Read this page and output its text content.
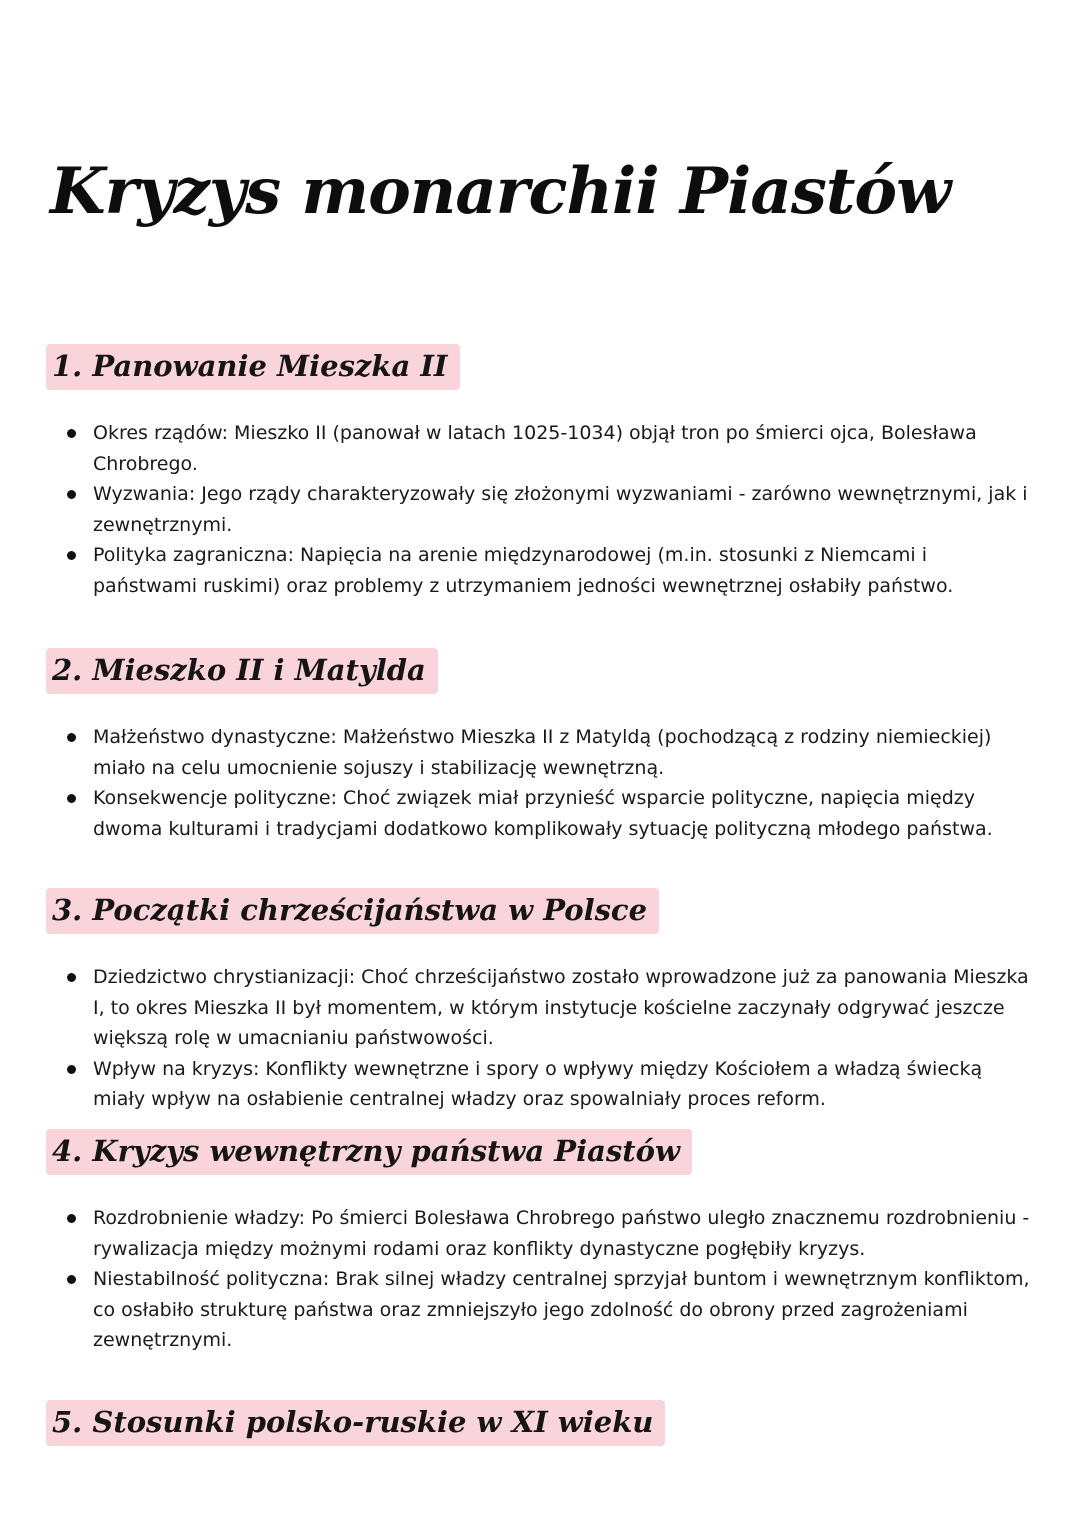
Kryzys monarchii Piastów
1. Panowanie Mieszka II
Okres rządów: Mieszko II (panował w latach 1025-1034) objął tron po śmierci ojca, Bolesława Chrobrego.
Wyzwania: Jego rządy charakteryzowały się złożonymi wyzwaniami - zarówno wewnętrznymi, jak i zewnętrznymi.
Polityka zagraniczna: Napięcia na arenie międzynarodowej (m.in. stosunki z Niemcami i państwami ruskimi) oraz problemy z utrzymaniem jedności wewnętrznej osłabiły państwo.
2. Mieszko II i Matylda
Małżeństwo dynastyczne: Małżeństwo Mieszka II z Matyldą (pochodzącą z rodziny niemieckiej) miało na celu umocnienie sojuszy i stabilizację wewnętrzną.
Konsekwencje polityczne: Choć związek miał przynieść wsparcie polityczne, napięcia między dwoma kulturami i tradycjami dodatkowo komplikowały sytuację polityczną młodego państwa.
3. Początki chrześcijaństwa w Polsce
Dziedzictwo chrystianizacji: Choć chrześcijaństwo zostało wprowadzone już za panowania Mieszka I, to okres Mieszka II był momentem, w którym instytucje kościelne zaczynały odgrywać jeszcze większą rolę w umacnianiu państwowości.
Wpływ na kryzys: Konflikty wewnętrzne i spory o wpływy między Kościołem a władzą świecką miały wpływ na osłabienie centralnej władzy oraz spowalniały proces reform.
4. Kryzys wewnętrzny państwa Piastów
Rozdrobnienie władzy: Po śmierci Bolesława Chrobrego państwo uległo znacznemu rozdrobnieniu - rywalizacja między możnymi rodami oraz konflikty dynastyczne pogłębiły kryzys.
Niestabilność polityczna: Brak silnej władzy centralnej sprzyjał buntom i wewnętrznym konfliktom, co osłabiło strukturę państwa oraz zmniejszyło jego zdolność do obrony przed zagrożeniami zewnętrznymi.
5. Stosunki polsko-ruskie w XI wieku
